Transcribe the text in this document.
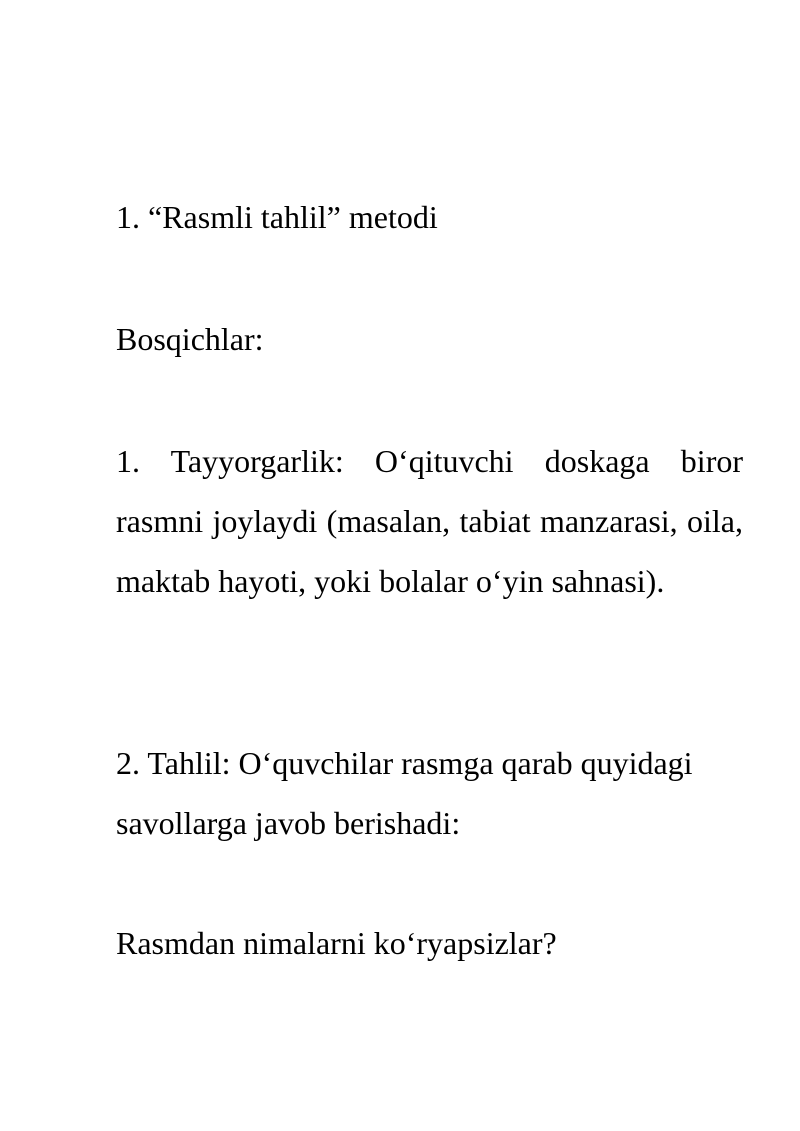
1. “Rasmli tahlil” metodi

Bosqichlar:

1. Tayyorgarlik: O‘qituvchi doskaga biror rasmni joylaydi (masalan, tabiat manzarasi, oila, maktab hayoti, yoki bolalar o‘yin sahnasi).

2. Tahlil: O‘quvchilar rasmga qarab quyidagi savollarga javob berishadi:

Rasmdan nimalarni ko‘ryapsizlar?
